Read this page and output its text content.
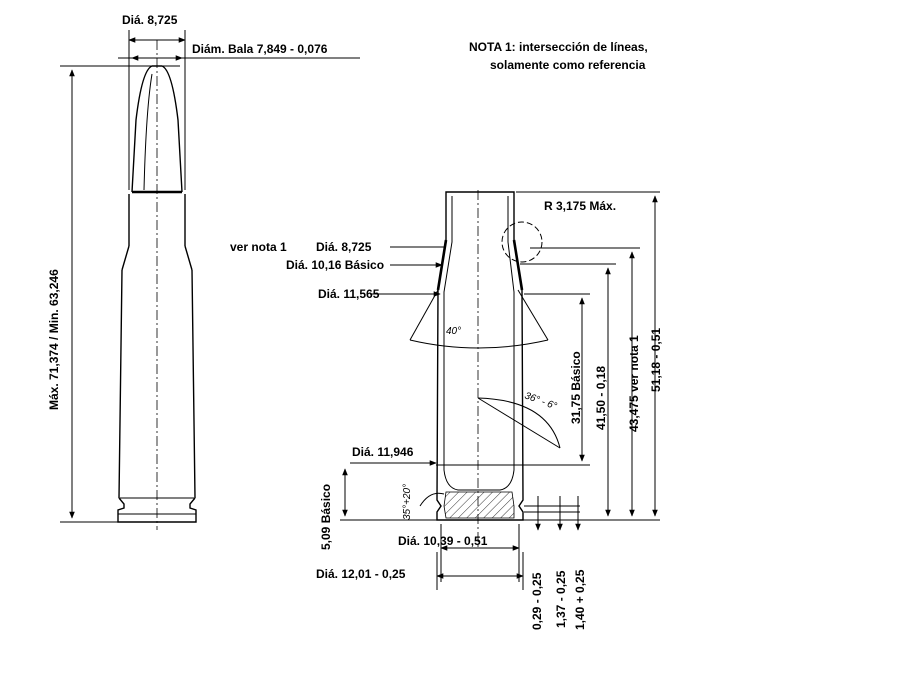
Diá. 8,725
Diám. Bala 7,849 - 0,076
Máx. 71,374 / Min. 63,246
NOTA 1: intersección de líneas,
solamente como referencia
R 3,175 Máx.
ver nota 1 Diá. 8,725
Diá. 10,16 Básico
Diá. 11,565
40°
36° - 6°
Diá. 11,946
35°+20°
5,09 Básico	Diá. 10,39 - 0,51
Diá. 12,01 - 0,25	0,29 - 0,25 1,37 - 0,25 1,40 + 0,25
31,75 Básico 41,50 - 0,18 43,475 ver nota 1 51,18 - 0,51
